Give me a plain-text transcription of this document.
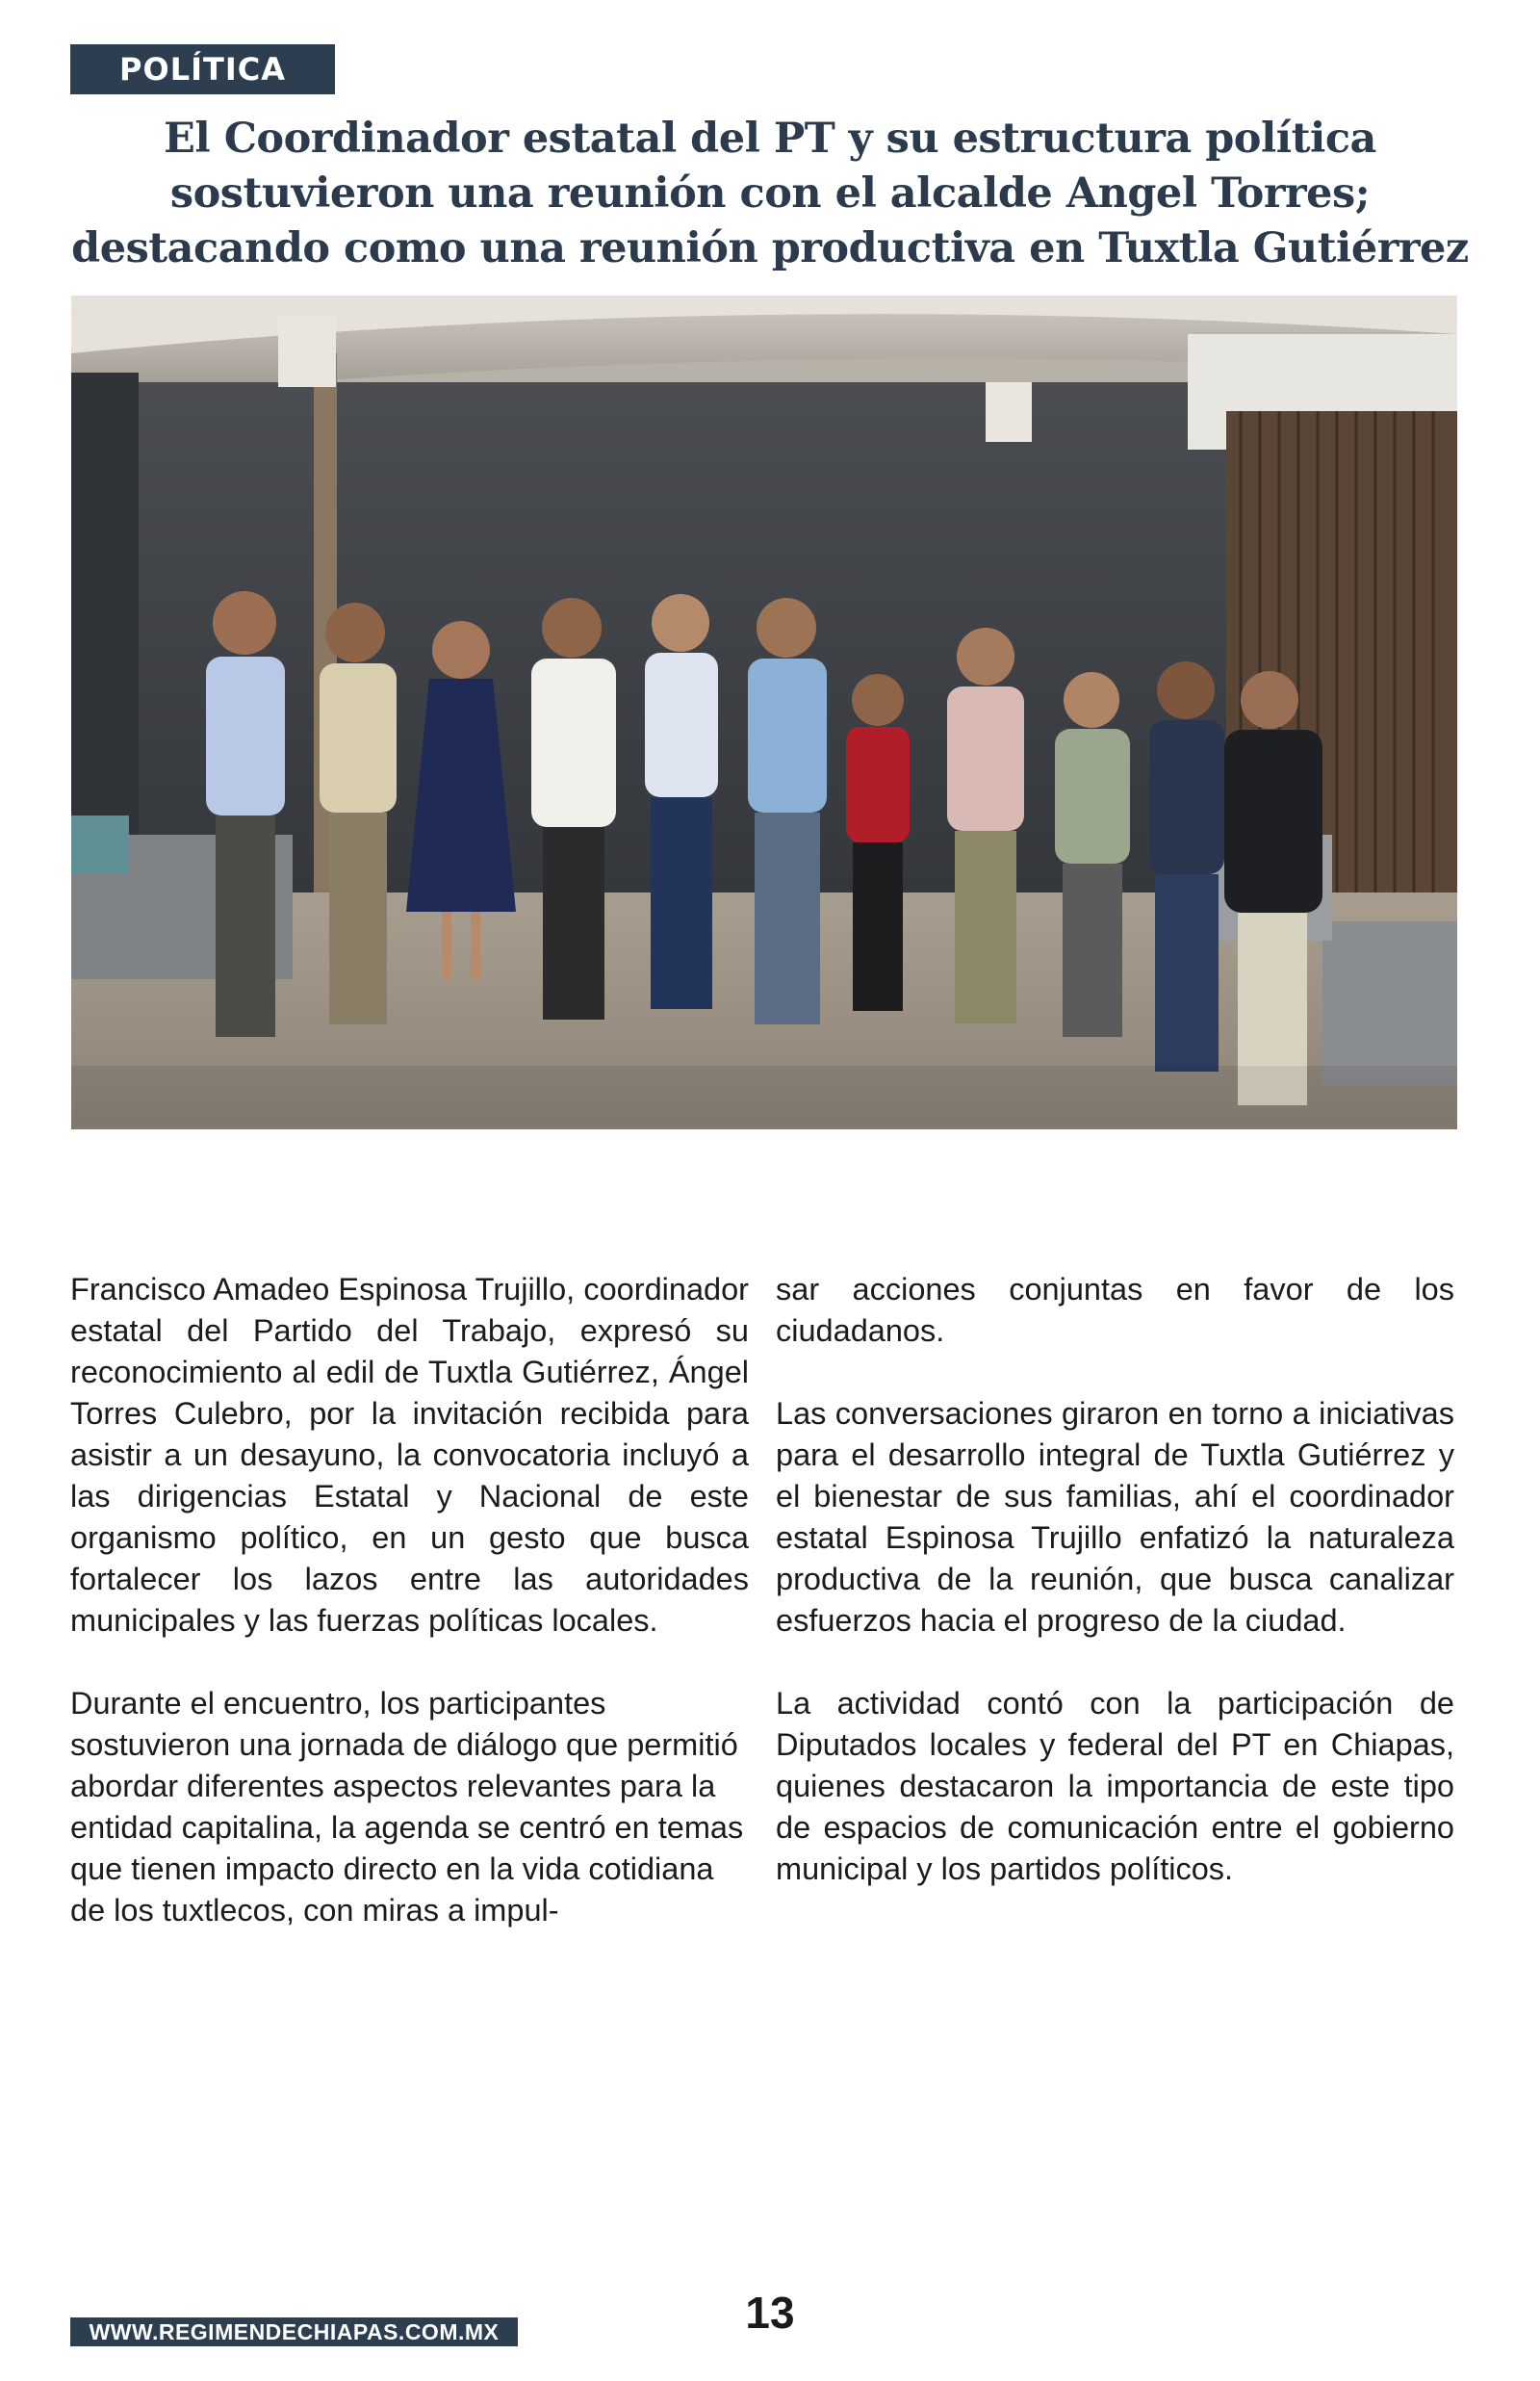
POLÍTICA
El Coordinador estatal del PT y su estructura política
sostuvieron una reunión con el alcalde Angel Torres;
destacando como una reunión productiva en Tuxtla Gutiérrez

Francisco Amadeo Espinosa Trujillo, coordinador estatal del Partido del Trabajo, expresó su reconocimiento al edil de Tuxtla Gutiérrez, Ángel Torres Culebro, por la invitación recibida para asistir a un desayuno, la convocatoria incluyó a las dirigencias Estatal y Nacional de este organismo político, en un gesto que busca fortalecer los lazos entre las autoridades municipales y las fuerzas políticas locales.

Durante el encuentro, los participantes sostuvieron una jornada de diálogo que permitió abordar diferentes aspectos relevantes para la entidad capitalina, la agenda se centró en temas que tienen impacto directo en la vida cotidiana de los tuxtlecos, con miras a impul-

sar acciones conjuntas en favor de los ciudadanos.

Las conversaciones giraron en torno a iniciativas para el desarrollo integral de Tuxtla Gutiérrez y el bienestar de sus familias, ahí el coordinador estatal Espinosa Trujillo enfatizó la naturaleza productiva de la reunión, que busca canalizar esfuerzos hacia el progreso de la ciudad.

La actividad contó con la participación de Diputados locales y federal del PT en Chiapas, quienes destacaron la importancia de este tipo de espacios de comunicación entre el gobierno municipal y los partidos políticos.

13
WWW.REGIMENDECHIAPAS.COM.MX
